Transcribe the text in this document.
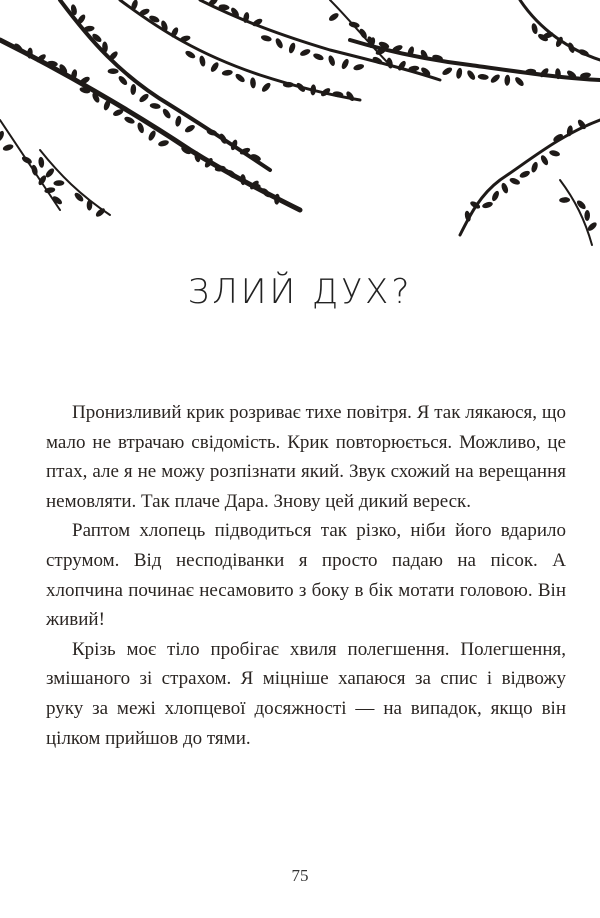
ЗЛИЙ ДУХ?

Пронизливий крик розриває тихе повітря. Я так лякаюся, що мало не втрачаю свідомість. Крик повторюється. Можливо, це птах, але я не можу розпізнати який. Звук схожий на верещання немовляти. Так плаче Дара. Знову цей дикий вереск.

Раптом хлопець підводиться так різко, ніби його вдарило струмом. Від несподіванки я просто падаю на пісок. А хлопчина починає несамовито з боку в бік мотати головою. Він живий!

Крізь моє тіло пробігає хвиля полегшення. Полегшення, змішаного зі страхом. Я міцніше хапаюся за спис і відвожу руку за межі хлопцевої досяжності — на випадок, якщо він цілком прийшов до тями.

75
